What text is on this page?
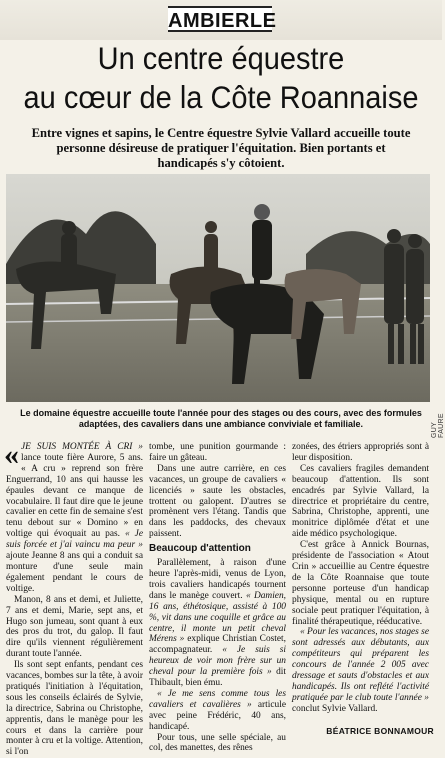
AMBIERLE
Un centre équestre
au cœur de la Côte Roannaise
Entre vignes et sapins, le Centre équestre Sylvie Vallard accueille toute personne désireuse de pratiquer l'équitation. Bien portants et handicapés s'y côtoient.
GUY FAURE
Le domaine équestre accueille toute l'année pour des stages ou des cours, avec des formules adaptées, des cavaliers dans une ambiance conviviale et familiale.

« JE SUIS MONTÉE À CRI » lance toute fière Aurore, 5 ans. « A cru » reprend son frère Enguerrand, 10 ans qui hausse les épaules devant ce manque de vocabulaire. Il faut dire que le jeune cavalier en cette fin de semaine s'est tenu debout sur « Domino » en voltige qui évoquait au pas. « Je suis forcée et j'ai vaincu ma peur » ajoute Jeanne 8 ans qui a conduit sa monture d'une seule main également pendant le cours de voltige.

Manon, 8 ans et demi, et Juliette, 7 ans et demi, Marie, sept ans, et Hugo son jumeau, sont quant à eux des pros du trot, du galop. Il faut dire qu'ils viennent régulièrement durant toute l'année.

Ils sont sept enfants, pendant ces vacances, bombes sur la tête, à avoir pratiqués l'initiation à l'équitation, sous les conseils éclairés de Sylvie, la directrice, Sabrina ou Christophe, apprentis, dans le manège pour les cours et dans la carrière pour monter à cru et la voltige. Attention, si l'on

tombe, une punition gourmande : faire un gâteau.

Dans une autre carrière, en ces vacances, un groupe de cavaliers « licenciés » saute les obstacles, trottent ou galopent. D'autres se promènent vers l'étang. Tandis que dans les paddocks, des chevaux paissent.

Beaucoup d'attention

Parallèlement, à raison d'une heure l'après-midi, venus de Lyon, trois cavaliers handicapés tournent dans le manège couvert. « Damien, 16 ans, éthétosique, assisté à 100 %, vit dans une coquille et grâce au centre, il monte un petit cheval Mérens » explique Christian Costet, accompagnateur. « Je suis si heureux de voir mon frère sur un cheval pour la première fois » dit Thibault, bien ému.

« Je me sens comme tous les cavaliers et cavalières » articule avec peine Frédéric, 40 ans, handicapé.

Pour tous, une selle spéciale, au col, des manettes, des rênes

zonées, des étriers appropriés sont à leur disposition.

Ces cavaliers fragiles demandent beaucoup d'attention. Ils sont encadrés par Sylvie Vallard, la directrice et propriétaire du centre, Sabrina, Christophe, apprenti, une monitrice diplômée d'état et une aide médico psychologique.

C'est grâce à Annick Bournas, présidente de l'association « Atout Crin » accueillie au Centre équestre de la Côte Roannaise que toute personne porteuse d'un handicap physique, mental ou en rupture sociale peut pratiquer l'équitation, à finalité thérapeutique, rééducative.

« Pour les vacances, nos stages se sont adressés aux débutants, aux compétiteurs qui préparent les concours de l'année 2 005 avec dressage et sauts d'obstacles et aux handicapés. Ils ont reflété l'activité pratiquée par le club toute l'année » conclut Sylvie Vallard.

BÉATRICE BONNAMOUR
